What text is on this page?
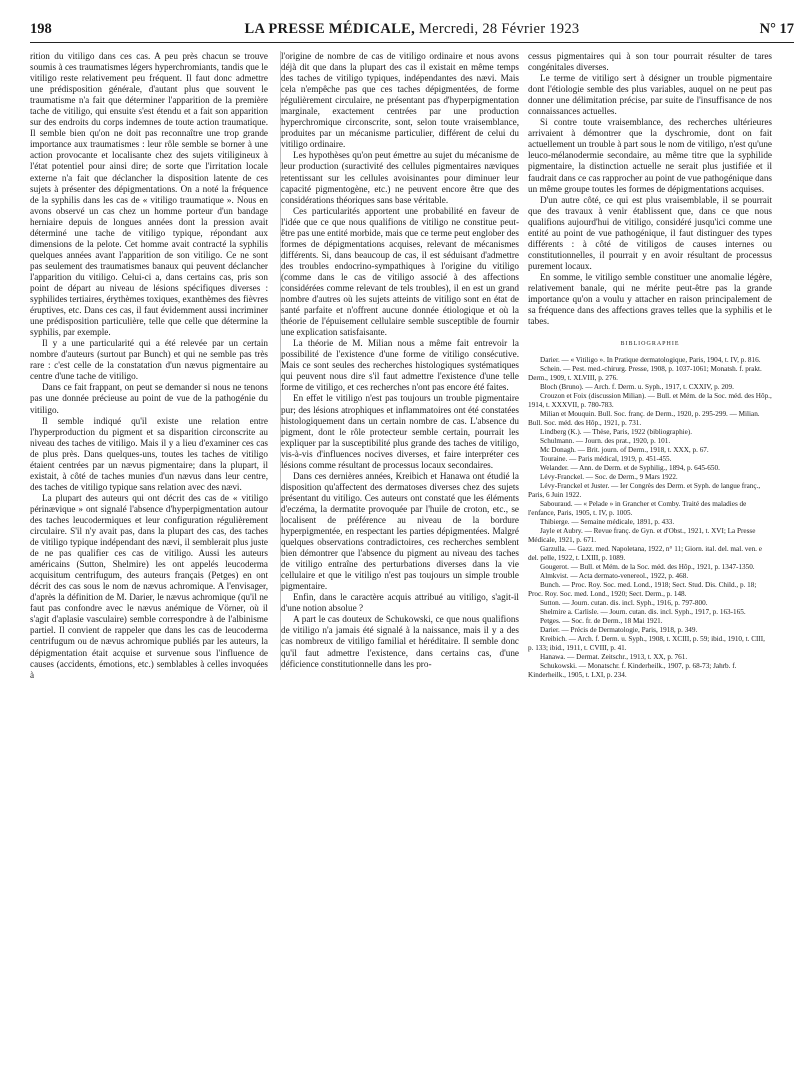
198	LA PRESSE MÉDICALE, Mercredi, 28 Février 1923	N° 17

rition du vitiligo dans ces cas. A peu près chacun se trouve soumis à ces traumatismes légers hyperchromiants, tandis que le vitiligo reste relativement peu fréquent. Il faut donc admettre une prédisposition générale, d'autant plus que souvent le traumatisme n'a fait que déterminer l'apparition de la première tache de vitiligo, qui ensuite s'est étendu et a fait son apparition sur des endroits du corps indemnes de toute action traumatique. Il semble bien qu'on ne doit pas reconnaître une trop grande importance aux traumatismes : leur rôle semble se borner à une action provocante et localisante chez des sujets vitiligineux à l'état potentiel pour ainsi dire; de sorte que l'irritation locale externe n'a fait que déclancher la disposition latente de ces sujets à présenter des dépigmentations. On a noté la fréquence de la syphilis dans les cas de « vitiligo traumatique ». Nous en avons observé un cas chez un homme porteur d'un bandage herniaire depuis de longues années dont la pression avait déterminé une tache de vitiligo typique, répondant aux dimensions de la pelote. Cet homme avait contracté la syphilis quelques années avant l'apparition de son vitiligo. Ce ne sont pas seulement des traumatismes banaux qui peuvent déclancher l'apparition du vitiligo. Celui-ci a, dans certains cas, pris son point de départ au niveau de lésions spécifiques diverses : syphilides tertiaires, érythèmes toxiques, exanthèmes des fièvres éruptives, etc. Dans ces cas, il faut évidemment aussi incriminer une prédisposition particulière, telle que celle que détermine la syphilis, par exemple.

Il y a une particularité qui a été relevée par un certain nombre d'auteurs (surtout par Bunch) et qui ne semble pas très rare : c'est celle de la constatation d'un nævus pigmentaire au centre d'une tache de vitiligo.

Dans ce fait frappant, on peut se demander si nous ne tenons pas une donnée précieuse au point de vue de la pathogénie du vitiligo.

Il semble indiqué qu'il existe une relation entre l'hyperproduction du pigment et sa disparition circonscrite au niveau des taches de vitiligo. Mais il y a lieu d'examiner ces cas de plus près. Dans quelques-uns, toutes les taches de vitiligo étaient centrées par un nævus pigmentaire; dans la plupart, il existait, à côté de taches munies d'un nævus dans leur centre, des taches de vitiligo typique sans relation avec des nævi.

La plupart des auteurs qui ont décrit des cas de « vitiligo périnævique » ont signalé l'absence d'hyperpigmentation autour des taches leucodermiques et leur configuration régulièrement circulaire. S'il n'y avait pas, dans la plupart des cas, des taches de vitiligo typique indépendant des nævi, il semblerait plus juste de ne pas qualifier ces cas de vitiligo. Aussi les auteurs américains (Sutton, Shelmire) les ont appelés leucoderma acquisitum centrifugum, des auteurs français (Petges) en ont décrit des cas sous le nom de nævus achromique. A l'envisager, d'après la définition de M. Darier, le nævus achromique (qu'il ne faut pas confondre avec le nævus anémique de Vörner, où il s'agit d'aplasie vasculaire) semble correspondre à de l'albinisme partiel. Il convient de rappeler que dans les cas de leucoderma centrifugum ou de nævus achromique publiés par les auteurs, la dépigmentation était acquise et survenue sous l'influence de causes (accidents, émotions, etc.) semblables à celles invoquées à

l'origine de nombre de cas de vitiligo ordinaire et nous avons déjà dit que dans la plupart des cas il existait en même temps des taches de vitiligo typiques, indépendantes des nævi. Mais cela n'empêche pas que ces taches dépigmentées, de forme régulièrement circulaire, ne présentant pas d'hyperpigmentation marginale, exactement centrées par une production hyperchromique circonscrite, sont, selon toute vraisemblance, produites par un mécanisme particulier, différent de celui du vitiligo ordinaire.

Les hypothèses qu'on peut émettre au sujet du mécanisme de leur production (suractivité des cellules pigmentaires næviques retentissant sur les cellules avoisinantes pour diminuer leur capacité pigmentogène, etc.) ne peuvent encore être que des considérations théoriques sans base véritable.

Ces particularités apportent une probabilité en faveur de l'idée que ce que nous qualifions de vitiligo ne constitue peut-être pas une entité morbide, mais que ce terme peut englober des formes de dépigmentations acquises, relevant de mécanismes différents. Si, dans beaucoup de cas, il est séduisant d'admettre des troubles endocrino-sympathiques à l'origine du vitiligo (comme dans le cas de vitiligo associé à des affections considérées comme relevant de tels troubles), il en est un grand nombre d'autres où les sujets atteints de vitiligo sont en état de santé parfaite et n'offrent aucune donnée étiologique et où la théorie de l'épuisement cellulaire semble susceptible de fournir une explication satisfaisante.

La théorie de M. Milian nous a même fait entrevoir la possibilité de l'existence d'une forme de vitiligo consécutive. Mais ce sont seules des recherches histologiques systématiques qui peuvent nous dire s'il faut admettre l'existence d'une telle forme de vitiligo, et ces recherches n'ont pas encore été faites.

En effet le vitiligo n'est pas toujours un trouble pigmentaire pur; des lésions atrophiques et inflammatoires ont été constatées histologiquement dans un certain nombre de cas. L'absence du pigment, dont le rôle protecteur semble certain, pourrait les expliquer par la susceptibilité plus grande des taches de vitiligo, vis-à-vis d'influences nocives diverses, et faire interpréter ces lésions comme résultant de processus locaux secondaires.

Dans ces dernières années, Kreibich et Hanawa ont étudié la disposition qu'affectent des dermatoses diverses chez des sujets présentant du vitiligo. Ces auteurs ont constaté que les éléments d'eczéma, la dermatite provoquée par l'huile de croton, etc., se localisent de préférence au niveau de la bordure hyperpigmentée, en respectant les parties dépigmentées. Malgré quelques observations contradictoires, ces recherches semblent bien démontrer que l'absence du pigment au niveau des taches de vitiligo entraîne des perturbations diverses dans la vie cellulaire et que le vitiligo n'est pas toujours un simple trouble pigmentaire.

Enfin, dans le caractère acquis attribué au vitiligo, s'agit-il d'une notion absolue ?

A part le cas douteux de Schukowski, ce que nous qualifions de vitiligo n'a jamais été signalé à la naissance, mais il y a des cas nombreux de vitiligo familial et héréditaire. Il semble donc qu'il faut admettre l'existence, dans certains cas, d'une déficience constitutionnelle dans les pro-

cessus pigmentaires qui à son tour pourrait résulter de tares congénitales diverses.

Le terme de vitiligo sert à désigner un trouble pigmentaire dont l'étiologie semble des plus variables, auquel on ne peut pas donner une délimitation précise, par suite de l'insuffisance de nos connaissances actuelles.

Si contre toute vraisemblance, des recherches ultérieures arrivaient à démontrer que la dyschromie, dont on fait actuellement un trouble à part sous le nom de vitiligo, n'est qu'une leuco-mélanodermie secondaire, au même titre que la syphilide pigmentaire, la distinction actuelle ne serait plus justifiée et il faudrait dans ce cas rapprocher au point de vue pathogénique dans un même groupe toutes les formes de dépigmentations acquises.

D'un autre côté, ce qui est plus vraisemblable, il se pourrait que des travaux à venir établissent que, dans ce que nous qualifions aujourd'hui de vitiligo, considéré jusqu'ici comme une entité au point de vue pathogénique, il faut distinguer des types différents : à côté de vitiligos de causes internes ou constitutionnelles, il pourrait y en avoir résultant de processus purement locaux.

En somme, le vitiligo semble constituer une anomalie légère, relativement banale, qui ne mérite peut-être pas la grande importance qu'on a voulu y attacher en raison principalement de sa fréquence dans des affections graves telles que la syphilis et le tabes.

BIBLIOGRAPHIE

Darier. — « Vitiligo ». In Pratique dermatologique, Paris, 1904, t. IV, p. 816.

Schein. — Pest. med.-chirurg. Presse, 1908, p. 1037-1061; Monatsh. f. prakt. Derm., 1909, t. XLVIII, p. 276.

Bloch (Bruno). — Arch. f. Derm. u. Syph., 1917, t. CXXIV, p. 209.

Crouzon et Foix (discussion Milian). — Bull. et Mém. de la Soc. méd. des Hôp., 1914, t. XXXVII, p. 780-783.

Milian et Mouquin. Bull. Soc. franç. de Derm., 1920, p. 295-299. — Milian. Bull. Soc. méd. des Hôp., 1921, p. 731.

Lindberg (K.). — Thèse, Paris, 1922 (bibliographie).

Schulmann. — Journ. des prat., 1920, p. 101.

Mc Donagh. — Brit. journ. of Derm., 1918, t. XXX, p. 67.

Touraine. — Paris médical, 1919, p. 451-455.

Welander. — Ann. de Derm. et de Syphilig., 1894, p. 645-650.

Lévy-Franckel. — Soc. de Derm., 9 Mars 1922.

Lévy-Franckel et Juster. — Ier Congrès des Derm. et Syph. de langue franç., Paris, 6 Juin 1922.

Sabouraud. — « Pelade » in Grancher et Comby. Traité des maladies de l'enfance, Paris, 1905, t. IV, p. 1005.

Thibierge. — Semaine médicale, 1891, p. 433.

Jayle et Aubry. — Revue franç. de Gyn. et d'Obst., 1921, t. XVI; La Presse Médicale, 1921, p. 671.

Garzulla. — Gazz. med. Napoletana, 1922, n° 11; Giorn. ital. del. mal. ven. e del. pelle, 1922, t. LXIII, p. 1089.

Gougerot. — Bull. et Mém. de la Soc. méd. des Hôp., 1921, p. 1347-1350.

Almkvist. — Acta dermato-venereol., 1922, p. 468.

Bunch. — Proc. Roy. Soc. med. Lond., 1918; Sect. Stud. Dis. Child., p. 18; Proc. Roy. Soc. med. Lond., 1920; Sect. Derm., p. 148.

Sutton. — Journ. cutan. dis. incl. Syph., 1916, p. 797-800.

Shelmire a. Carlisle. — Journ. cutan. dis. incl. Syph., 1917, p. 163-165.

Petges. — Soc. fr. de Derm., 18 Mai 1921.

Darier. — Précis de Dermatologie, Paris, 1918, p. 349.

Kreibich. — Arch. f. Derm. u. Syph., 1908, t. XCIII, p. 59; ibid., 1910, t. CIII, p. 133; ibid., 1911, t. CVIII, p. 41.

Hanawa. — Dermat. Zeitschr., 1913, t. XX, p. 761.

Schukowski. — Monatschr. f. Kinderheilk., 1907, p. 68-73; Jahrb. f. Kinderheilk., 1905, t. LXI, p. 234.
